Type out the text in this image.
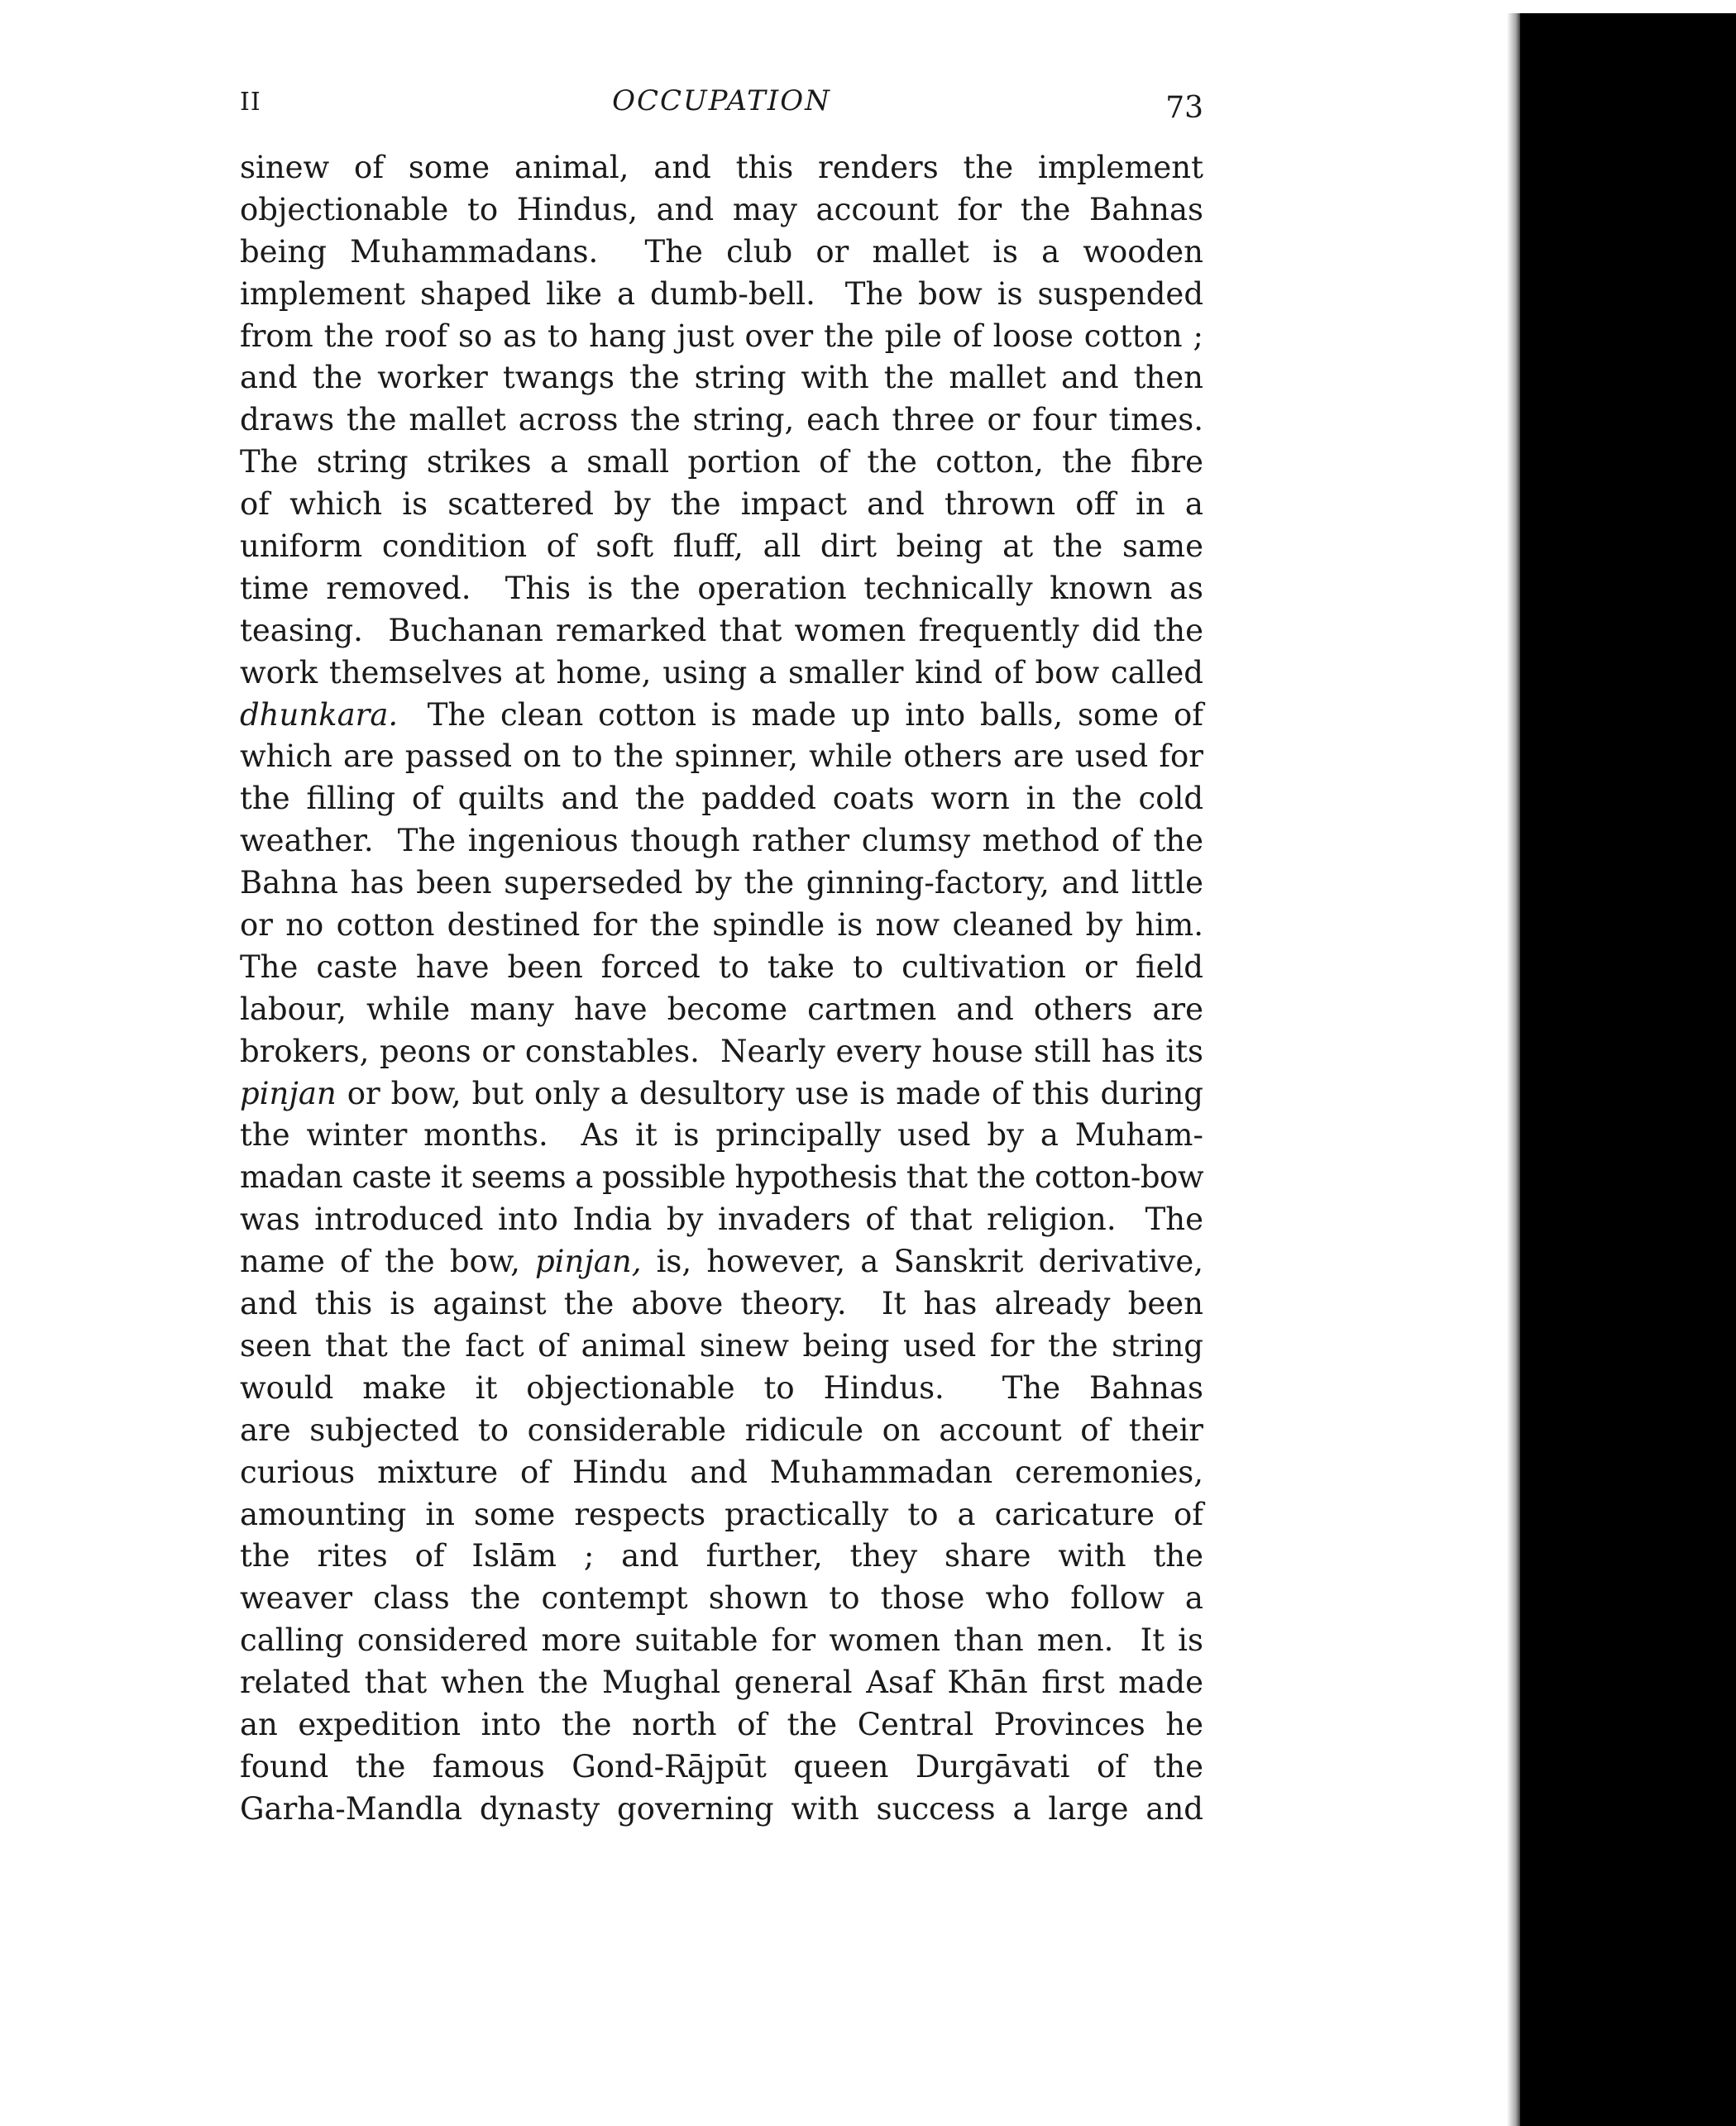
II	OCCUPATION	73
sinew of some animal, and this renders the implement
objectionable to Hindus, and may account for the Bahnas
being Muhammadans.  The club or mallet is a wooden
implement shaped like a dumb-bell.  The bow is suspended
from the roof so as to hang just over the pile of loose cotton ;
and the worker twangs the string with the mallet and then
draws the mallet across the string, each three or four times.
The string strikes a small portion of the cotton, the fibre
of which is scattered by the impact and thrown off in a
uniform condition of soft fluff, all dirt being at the same
time removed.  This is the operation technically known as
teasing.  Buchanan remarked that women frequently did the
work themselves at home, using a smaller kind of bow called
dhunkara.  The clean cotton is made up into balls, some of
which are passed on to the spinner, while others are used for
the filling of quilts and the padded coats worn in the cold
weather.  The ingenious though rather clumsy method of the
Bahna has been superseded by the ginning-factory, and little
or no cotton destined for the spindle is now cleaned by him.
The caste have been forced to take to cultivation or field
labour, while many have become cartmen and others are
brokers, peons or constables.  Nearly every house still has its
pinjan or bow, but only a desultory use is made of this during
the winter months.  As it is principally used by a Muham-
madan caste it seems a possible hypothesis that the cotton-bow
was introduced into India by invaders of that religion.  The
name of the bow, pinjan, is, however, a Sanskrit derivative,
and this is against the above theory.  It has already been
seen that the fact of animal sinew being used for the string
would make it objectionable to Hindus.  The Bahnas
are subjected to considerable ridicule on account of their
curious mixture of Hindu and Muhammadan ceremonies,
amounting in some respects practically to a caricature of
the rites of Islām ; and further, they share with the
weaver class the contempt shown to those who follow a
calling considered more suitable for women than men.  It is
related that when the Mughal general Asaf Khān first made
an expedition into the north of the Central Provinces he
found the famous Gond-Rājpūt queen Durgāvati of the
Garha-Mandla dynasty governing with success a large and
